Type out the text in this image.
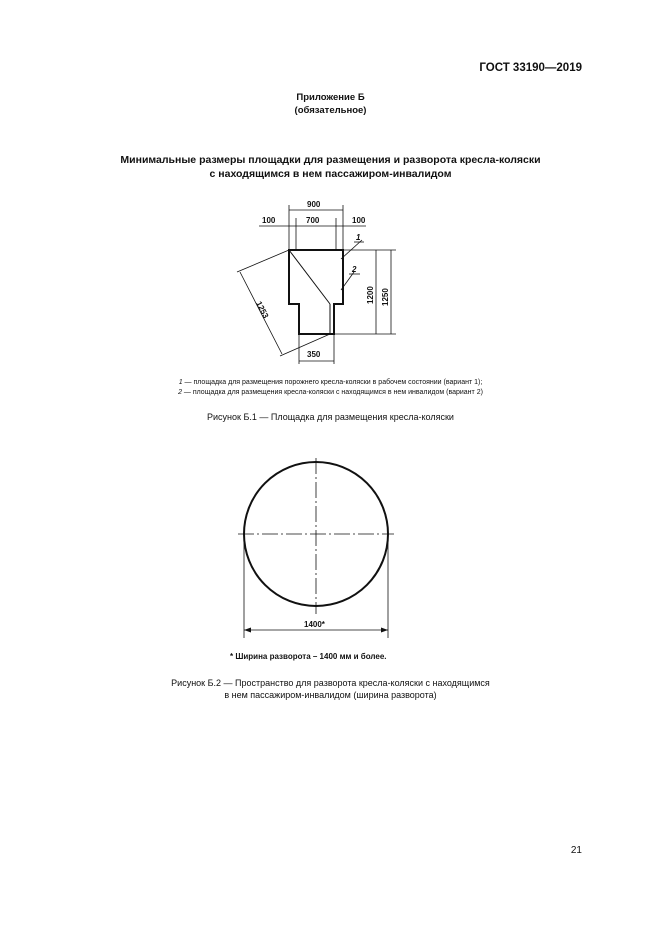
ГОСТ 33190—2019
Приложение Б
(обязательное)
Минимальные размеры площадки для размещения и разворота кресла-коляски
с находящимся в нем пассажиром-инвалидом
900
700
100	100
1200 1250
1253
350
1
2
1 — площадка для размещения порожнего кресла-коляски в рабочем состоянии (вариант 1);
2 — площадка для размещения кресла-коляски с находящимся в нем инвалидом (вариант 2)
Рисунок Б.1 — Площадка для размещения кресла-коляски
1400*
* Ширина разворота – 1400 мм и более.
Рисунок Б.2 — Пространство для разворота кресла-коляски с находящимся
в нем пассажиром-инвалидом (ширина разворота)
21
